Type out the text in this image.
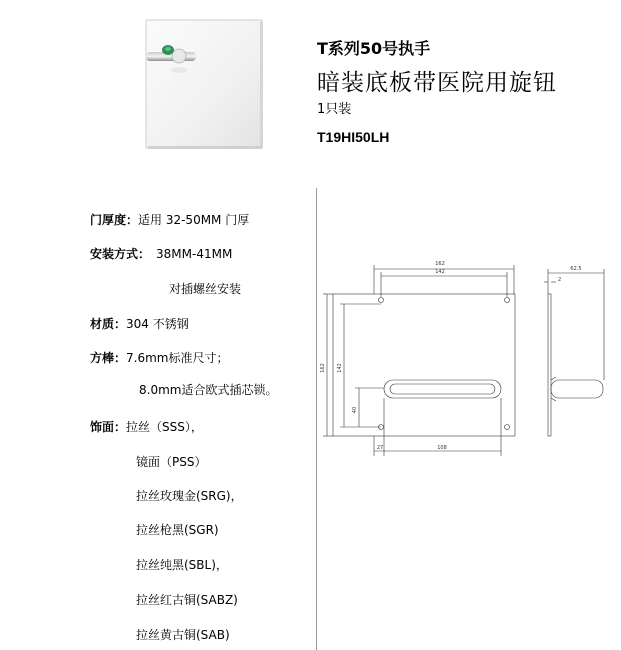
T系列50号执手
暗装底板带医院用旋钮
1只装
T19HI50LH
门厚度：适用 32-50MM 门厚
安装方式： 38MM-41MM
对插螺丝安装
材质：304 不锈钢
方棒：7.6mm标准尺寸；
8.0mm适合欧式插芯锁。
饰面：拉丝（SSS），
镜面（PSS）
拉丝玫瑰金(SRG)，
拉丝枪黑(SGR)
拉丝纯黑(SBL)，
拉丝红古铜(SABZ)
拉丝黄古铜(SAB)
162
142
162 142
40
27	108
62.5
2
